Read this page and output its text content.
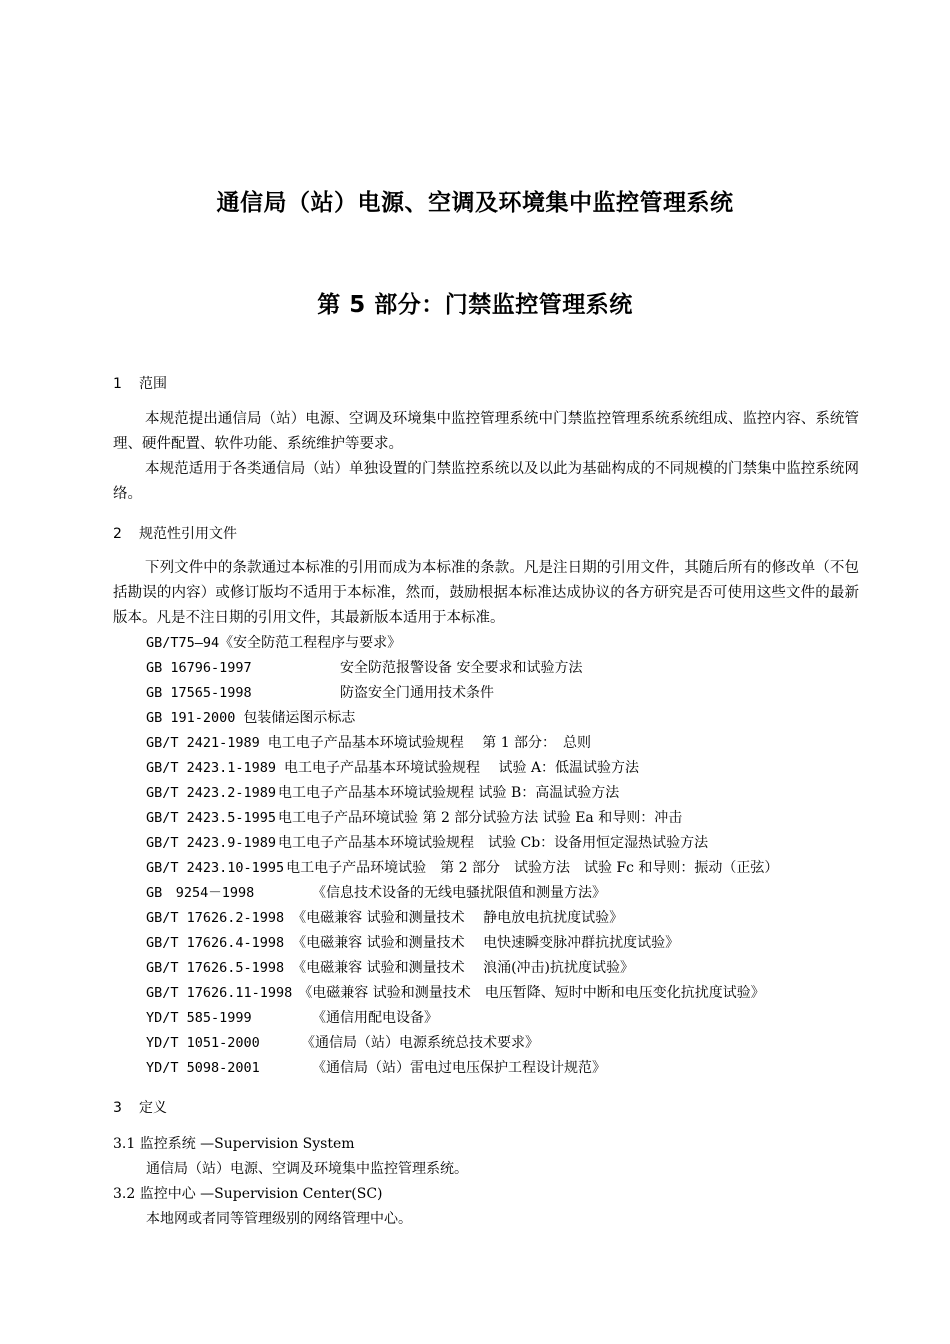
通信局（站）电源、空调及环境集中监控管理系统
第 5 部分：门禁监控管理系统
1 范围

本规范提出通信局（站）电源、空调及环境集中监控管理系统中门禁监控管理系统系统组成、监控内容、系统管理、硬件配置、软件功能、系统维护等要求。

本规范适用于各类通信局（站）单独设置的门禁监控系统以及以此为基础构成的不同规模的门禁集中监控系统网络。

2 规范性引用文件

下列文件中的条款通过本标准的引用而成为本标准的条款。凡是注日期的引用文件，其随后所有的修改单（不包括勘误的内容）或修订版均不适用于本标准，然而，鼓励根据本标准达成协议的各方研究是否可使用这些文件的最新版本。凡是不注日期的引用文件，其最新版本适用于本标准。

GB/T75—94《安全防范工程程序与要求》
GB 16796-1997	安全防范报警设备 安全要求和试验方法
GB 17565-1998	防盗安全门通用技术条件
GB 191-2000 包装储运图示标志
GB/T 2421-1989 电工电子产品基本环境试验规程　 第 1 部分：　总则
GB/T 2423.1-1989 电工电子产品基本环境试验规程　 试验 A：低温试验方法
GB/T 2423.2-1989 电工电子产品基本环境试验规程 试验 B：高温试验方法
GB/T 2423.5-1995 电工电子产品环境试验 第 2 部分试验方法 试验 Ea 和导则：冲击
GB/T 2423.9-1989 电工电子产品基本环境试验规程　试验 Cb：设备用恒定湿热试验方法
GB/T 2423.10-1995 电工电子产品环境试验　第 2 部分　试验方法　试验 Fc 和导则：振动（正弦）
GB　9254－1998	《信息技术设备的无线电骚扰限值和测量方法》
GB/T 17626.2-1998 《电磁兼容 试验和测量技术　 静电放电抗扰度试验》
GB/T 17626.4-1998 《电磁兼容 试验和测量技术　 电快速瞬变脉冲群抗扰度试验》
GB/T 17626.5-1998 《电磁兼容 试验和测量技术　 浪涌(冲击)抗扰度试验》
GB/T 17626.11-1998 《电磁兼容 试验和测量技术　电压暂降、短时中断和电压变化抗扰度试验》
YD/T 585-1999	《通信用配电设备》
YD/T 1051-2000	《通信局（站）电源系统总技术要求》
YD/T 5098-2001	《通信局（站）雷电过电压保护工程设计规范》
3 定义
3.1 监控系统 —Supervision System
通信局（站）电源、空调及环境集中监控管理系统。
3.2 监控中心 —Supervision Center(SC)
本地网或者同等管理级别的网络管理中心。
